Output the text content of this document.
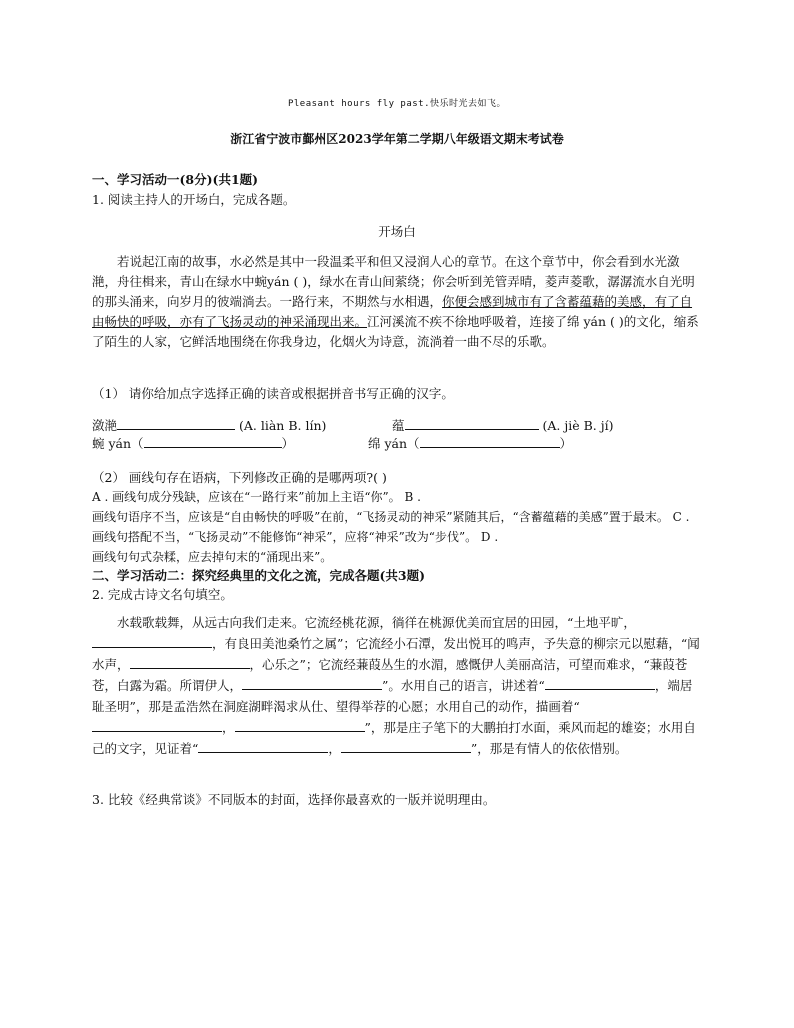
Pleasant hours fly past.快乐时光去如飞。
浙江省宁波市鄞州区2023学年第二学期八年级语文期末考试卷
一、学习活动一(8分)(共1题)
1. 阅读主持人的开场白，完成各题。
开场白
若说起江南的故事，水必然是其中一段温柔平和但又浸润人心的章节。在这个章节中，你会看到水光潋滟，舟往楫来，青山在绿水中蜿yán ( )，绿水在青山间萦绕；你会听到羌管弄晴，菱声菱歌，潺潺流水自光明的那头涌来，向岁月的彼端淌去。一路行来，不期然与水相遇，你便会感到城市有了含蓄蕴藉的美感，有了自由畅快的呼吸，亦有了飞扬灵动的神采涌现出来。江河溪流不疾不徐地呼吸着，连接了绵 yán ( )的文化，缩系了陌生的人家，它鲜活地围绕在你我身边，化烟火为诗意，流淌着一曲不尽的乐歌。
（1） 请你给加点字选择正确的读音或根据拼音书写正确的汉字。
潋滟	(A. liàn B. lín)	蕴	(A. jiè B. jí)
蜿 yán（	）	绵 yán（	）
（2） 画线句存在语病，下列修改正确的是哪两项?( )
A . 画线句成分残缺，应该在“一路行来”前加上主语“你”。 B .
画线句语序不当，应该是“自由畅快的呼吸”在前，“飞扬灵动的神采”紧随其后，“含蓄蕴藉的美感”置于最末。 C . 画线句搭配不当，“飞扬灵动”不能修饰“神采”，应将“神采”改为“步伐”。 D .
画线句句式杂糅，应去掉句末的“涌现出来”。
二、学习活动二：探究经典里的文化之流，完成各题(共3题)
2. 完成古诗文名句填空。
水载歌载舞，从远古向我们走来。它流经桃花源，徜徉在桃源优美而宜居的田园，“土地平旷，，有良田美池桑竹之属”；它流经小石潭，发出悦耳的鸣声，予失意的柳宗元以慰藉，“闻水声，	，心乐之”；它流经蒹葭丛生的水湄，感慨伊人美丽高洁，可望而难求，“蒹葭苍苍，白露为霜。所谓伊人，	”。水用自己的语言，讲述着“	，端居耻圣明”，那是孟浩然在洞庭湖畔渴求从仕、望得举荐的心愿；水用自己的动作，描画着“，	”，那是庄子笔下的大鹏拍打水面，乘风而起的雄姿；水用自己的文字，见证着“	，	”，那是有情人的依依惜别。
3. 比较《经典常谈》不同版本的封面，选择你最喜欢的一版并说明理由。
